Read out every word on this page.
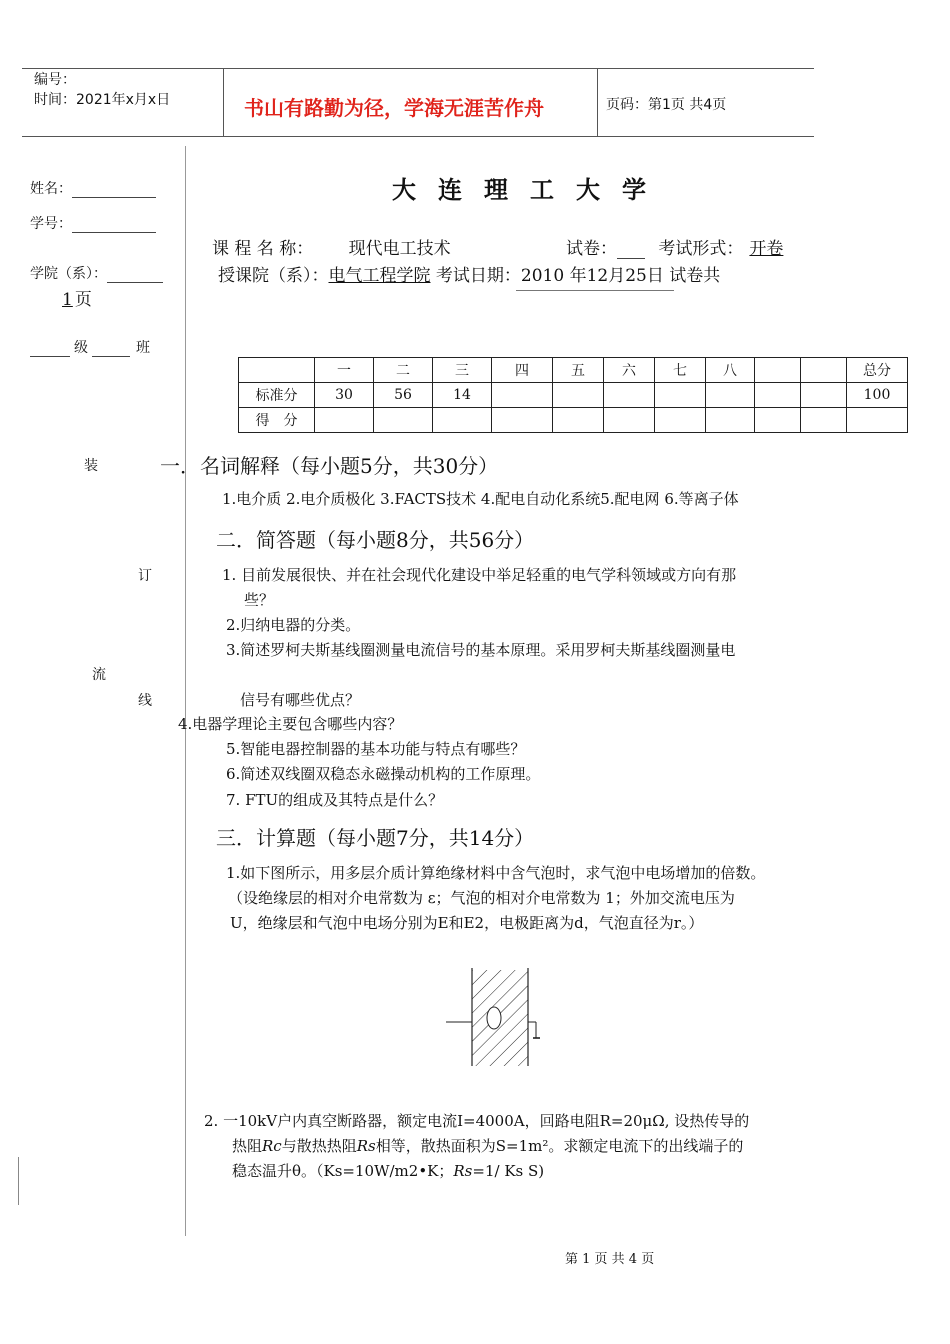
编号：
时间：2021年x月x日	书山有路勤为径，学海无涯苦作舟	页码：第1页 共4页
姓名：
学号：
学院（系）：
级	班
装
订
流
线
大连理工大学
课 程 名 称： 现代电工技术	试卷： 考试形式： 开卷
授课院（系）：电气工程学院 考试日期：2010 年12月25日 试卷共
1 页
	一	二	三	四	五	六	七	八			总分
标准分	30	56	14								100
得　分											
一．名词解释（每小题5分，共30分）
1.电介质 2.电介质极化 3.FACTS技术 4.配电自动化系统5.配电网 6.等离子体
二．简答题（每小题8分，共56分）
1. 目前发展很快、并在社会现代化建设中举足轻重的电气学科领域或方向有那
些？
2.归纳电器的分类。
3.简述罗柯夫斯基线圈测量电流信号的基本原理。采用罗柯夫斯基线圈测量电
信号有哪些优点？
4.电器学理论主要包含哪些内容？
5.智能电器控制器的基本功能与特点有哪些？
6.简述双线圈双稳态永磁操动机构的工作原理。
7. FTU的组成及其特点是什么？
三．计算题（每小题7分，共14分）
1.如下图所示，用多层介质计算绝缘材料中含气泡时，求气泡中电场增加的倍数。
（设绝缘层的相对介电常数为 ε；气泡的相对介电常数为 1；外加交流电压为
U，绝缘层和气泡中电场分别为E和E2，电极距离为d，气泡直径为r。）
2. 一10kV户内真空断路器，额定电流I=4000A，回路电阻R=20μΩ, 设热传导的
热阻Rc与散热热阻Rs相等，散热面积为S=1m²。求额定电流下的出线端子的
稳态温升θ。（Ks=10W/m2•K；Rs=1/ Ks S)
第 1 页 共 4 页
